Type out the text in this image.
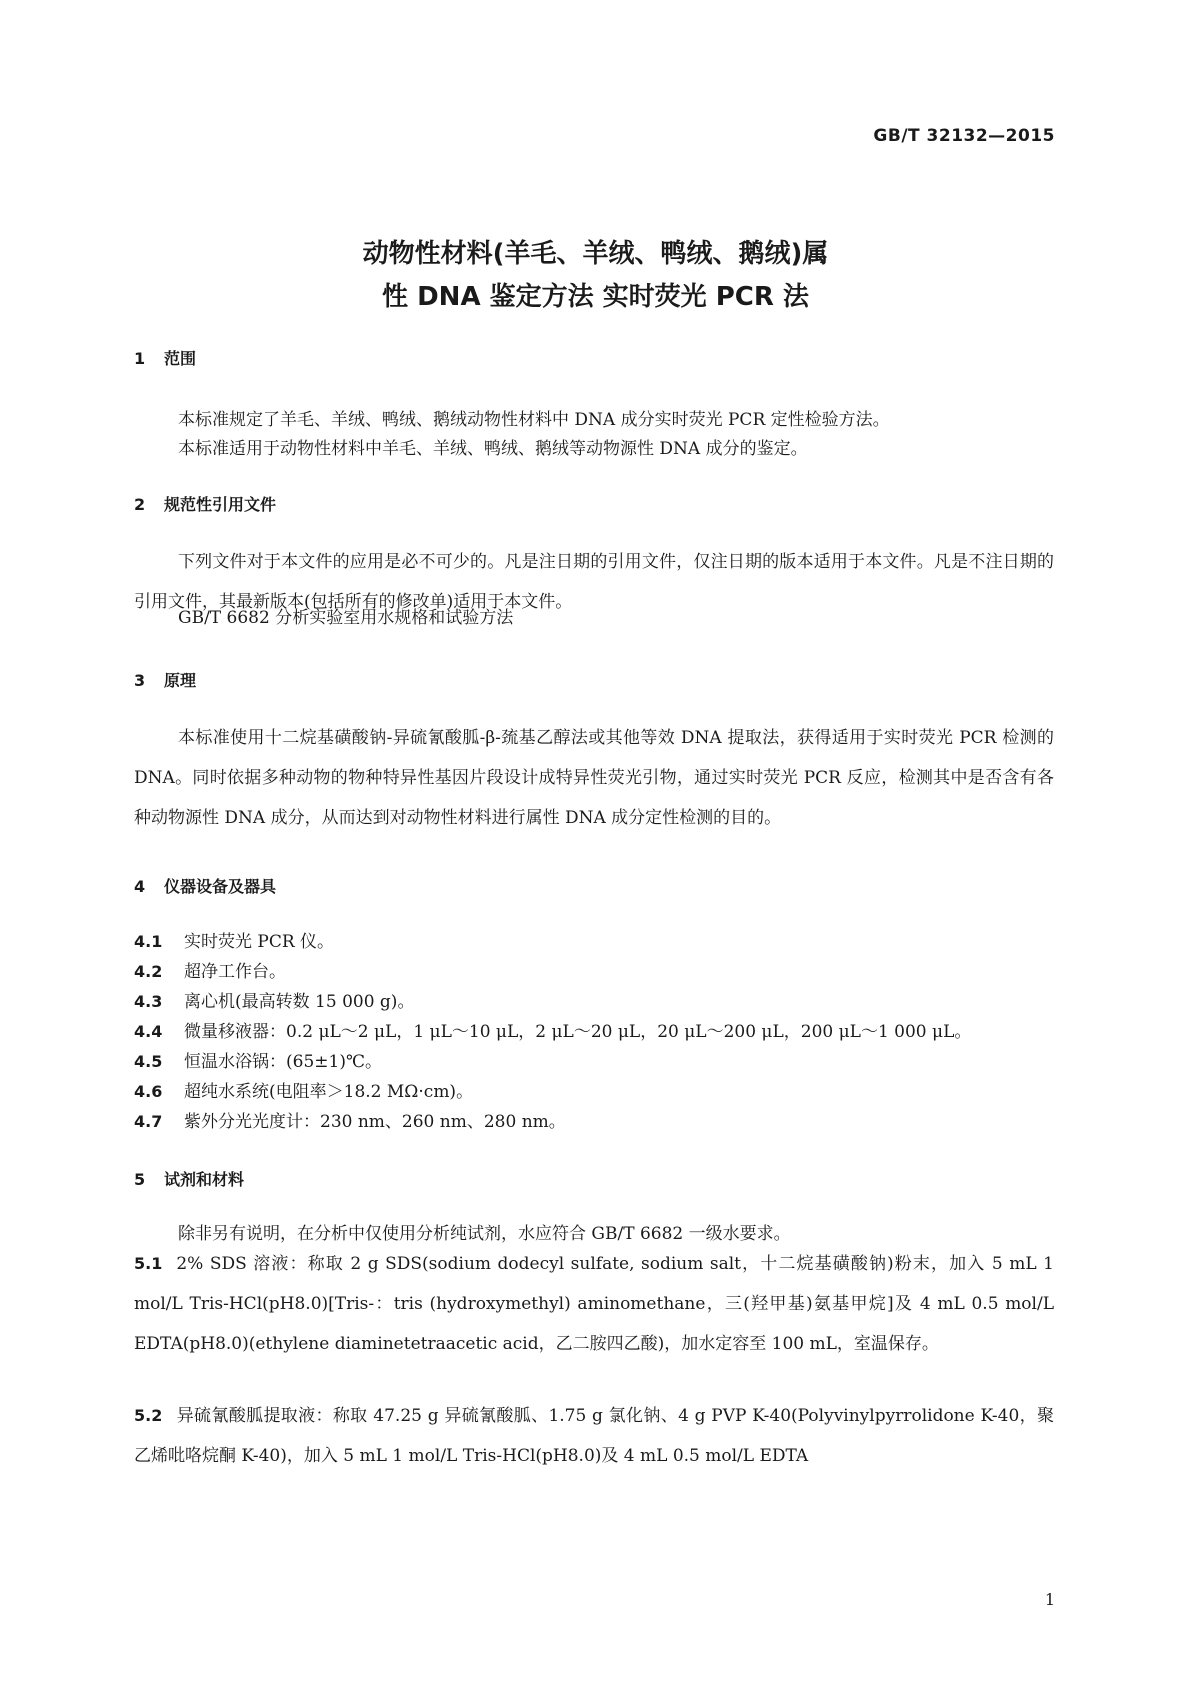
GB/T 32132—2015
动物性材料(羊毛、羊绒、鸭绒、鹅绒)属
性 DNA 鉴定方法 实时荧光 PCR 法
1 范围
本标准规定了羊毛、羊绒、鸭绒、鹅绒动物性材料中 DNA 成分实时荧光 PCR 定性检验方法。
本标准适用于动物性材料中羊毛、羊绒、鸭绒、鹅绒等动物源性 DNA 成分的鉴定。
2 规范性引用文件
下列文件对于本文件的应用是必不可少的。凡是注日期的引用文件，仅注日期的版本适用于本文件。凡是不注日期的引用文件，其最新版本(包括所有的修改单)适用于本文件。
GB/T 6682 分析实验室用水规格和试验方法
3 原理
本标准使用十二烷基磺酸钠-异硫氰酸胍-β-巯基乙醇法或其他等效 DNA 提取法，获得适用于实时荧光 PCR 检测的 DNA。同时依据多种动物的物种特异性基因片段设计成特异性荧光引物，通过实时荧光 PCR 反应，检测其中是否含有各种动物源性 DNA 成分，从而达到对动物性材料进行属性 DNA 成分定性检测的目的。
4 仪器设备及器具
4.1 实时荧光 PCR 仪。
4.2 超净工作台。
4.3 离心机(最高转数 15 000 g)。
4.4 微量移液器：0.2 μL～2 μL，1 μL～10 μL，2 μL～20 μL，20 μL～200 μL，200 μL～1 000 μL。
4.5 恒温水浴锅：(65±1)℃。
4.6 超纯水系统(电阻率＞18.2 MΩ·cm)。
4.7 紫外分光光度计：230 nm、260 nm、280 nm。
5 试剂和材料
除非另有说明，在分析中仅使用分析纯试剂，水应符合 GB/T 6682 一级水要求。
5.1 2% SDS 溶液：称取 2 g SDS(sodium dodecyl sulfate, sodium salt，十二烷基磺酸钠)粉末，加入 5 mL 1 mol/L Tris-HCl(pH8.0)[Tris-：tris (hydroxymethyl) aminomethane，三(羟甲基)氨基甲烷]及 4 mL 0.5 mol/L EDTA(pH8.0)(ethylene diaminetetraacetic acid，乙二胺四乙酸)，加水定容至 100 mL，室温保存。
5.2 异硫氰酸胍提取液：称取 47.25 g 异硫氰酸胍、1.75 g 氯化钠、4 g PVP K-40(Polyvinylpyrrolidone K-40，聚乙烯吡咯烷酮 K-40)，加入 5 mL 1 mol/L Tris-HCl(pH8.0)及 4 mL 0.5 mol/L EDTA
1
